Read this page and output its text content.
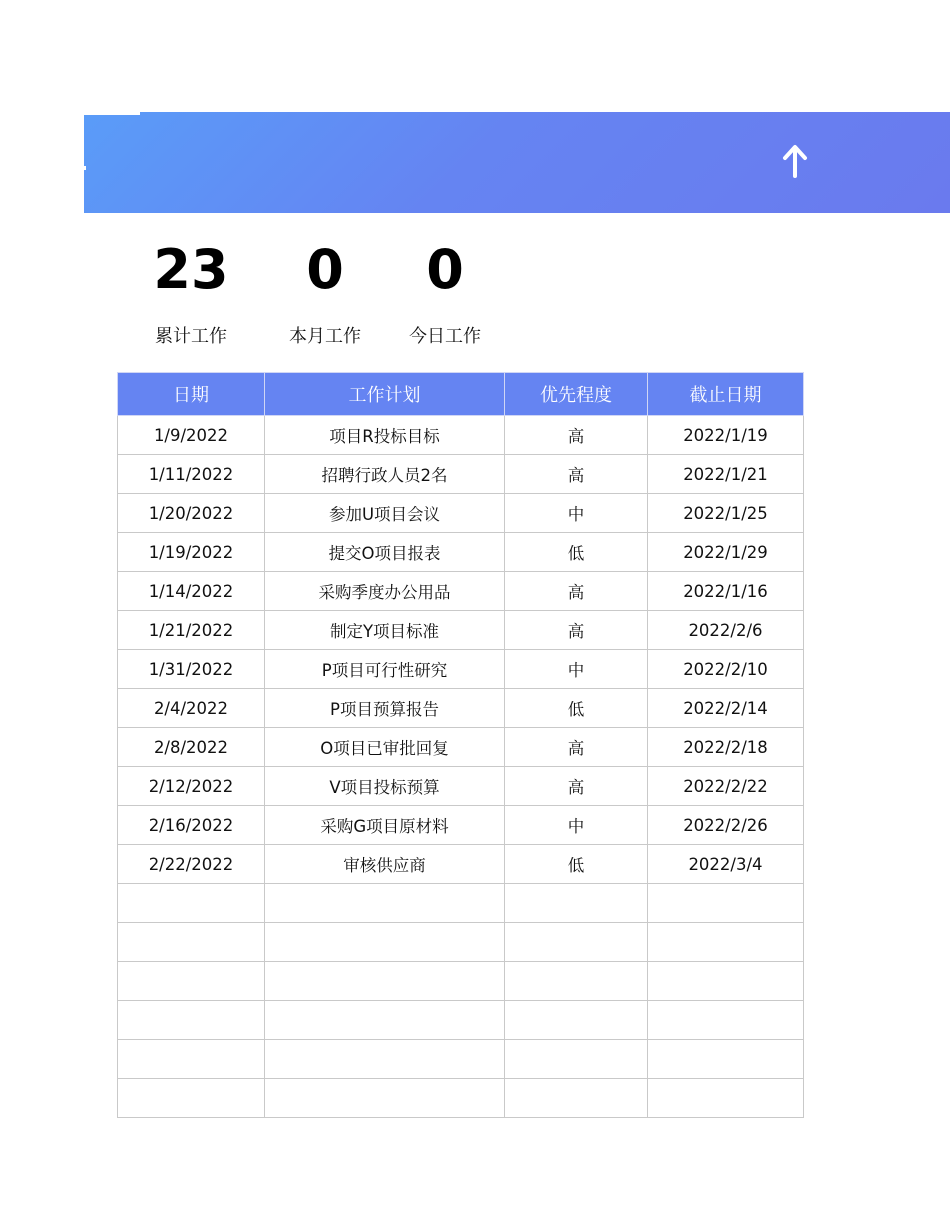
23
累计工作
0
本月工作
0
今日工作
日期	工作计划	优先程度	截止日期
1/9/2022	项目R投标目标	高	2022/1/19
1/11/2022	招聘行政人员2名	高	2022/1/21
1/20/2022	参加U项目会议	中	2022/1/25
1/19/2022	提交O项目报表	低	2022/1/29
1/14/2022	采购季度办公用品	高	2022/1/16
1/21/2022	制定Y项目标准	高	2022/2/6
1/31/2022	P项目可行性研究	中	2022/2/10
2/4/2022	P项目预算报告	低	2022/2/14
2/8/2022	O项目已审批回复	高	2022/2/18
2/12/2022	V项目投标预算	高	2022/2/22
2/16/2022	采购G项目原材料	中	2022/2/26
2/22/2022	审核供应商	低	2022/3/4
